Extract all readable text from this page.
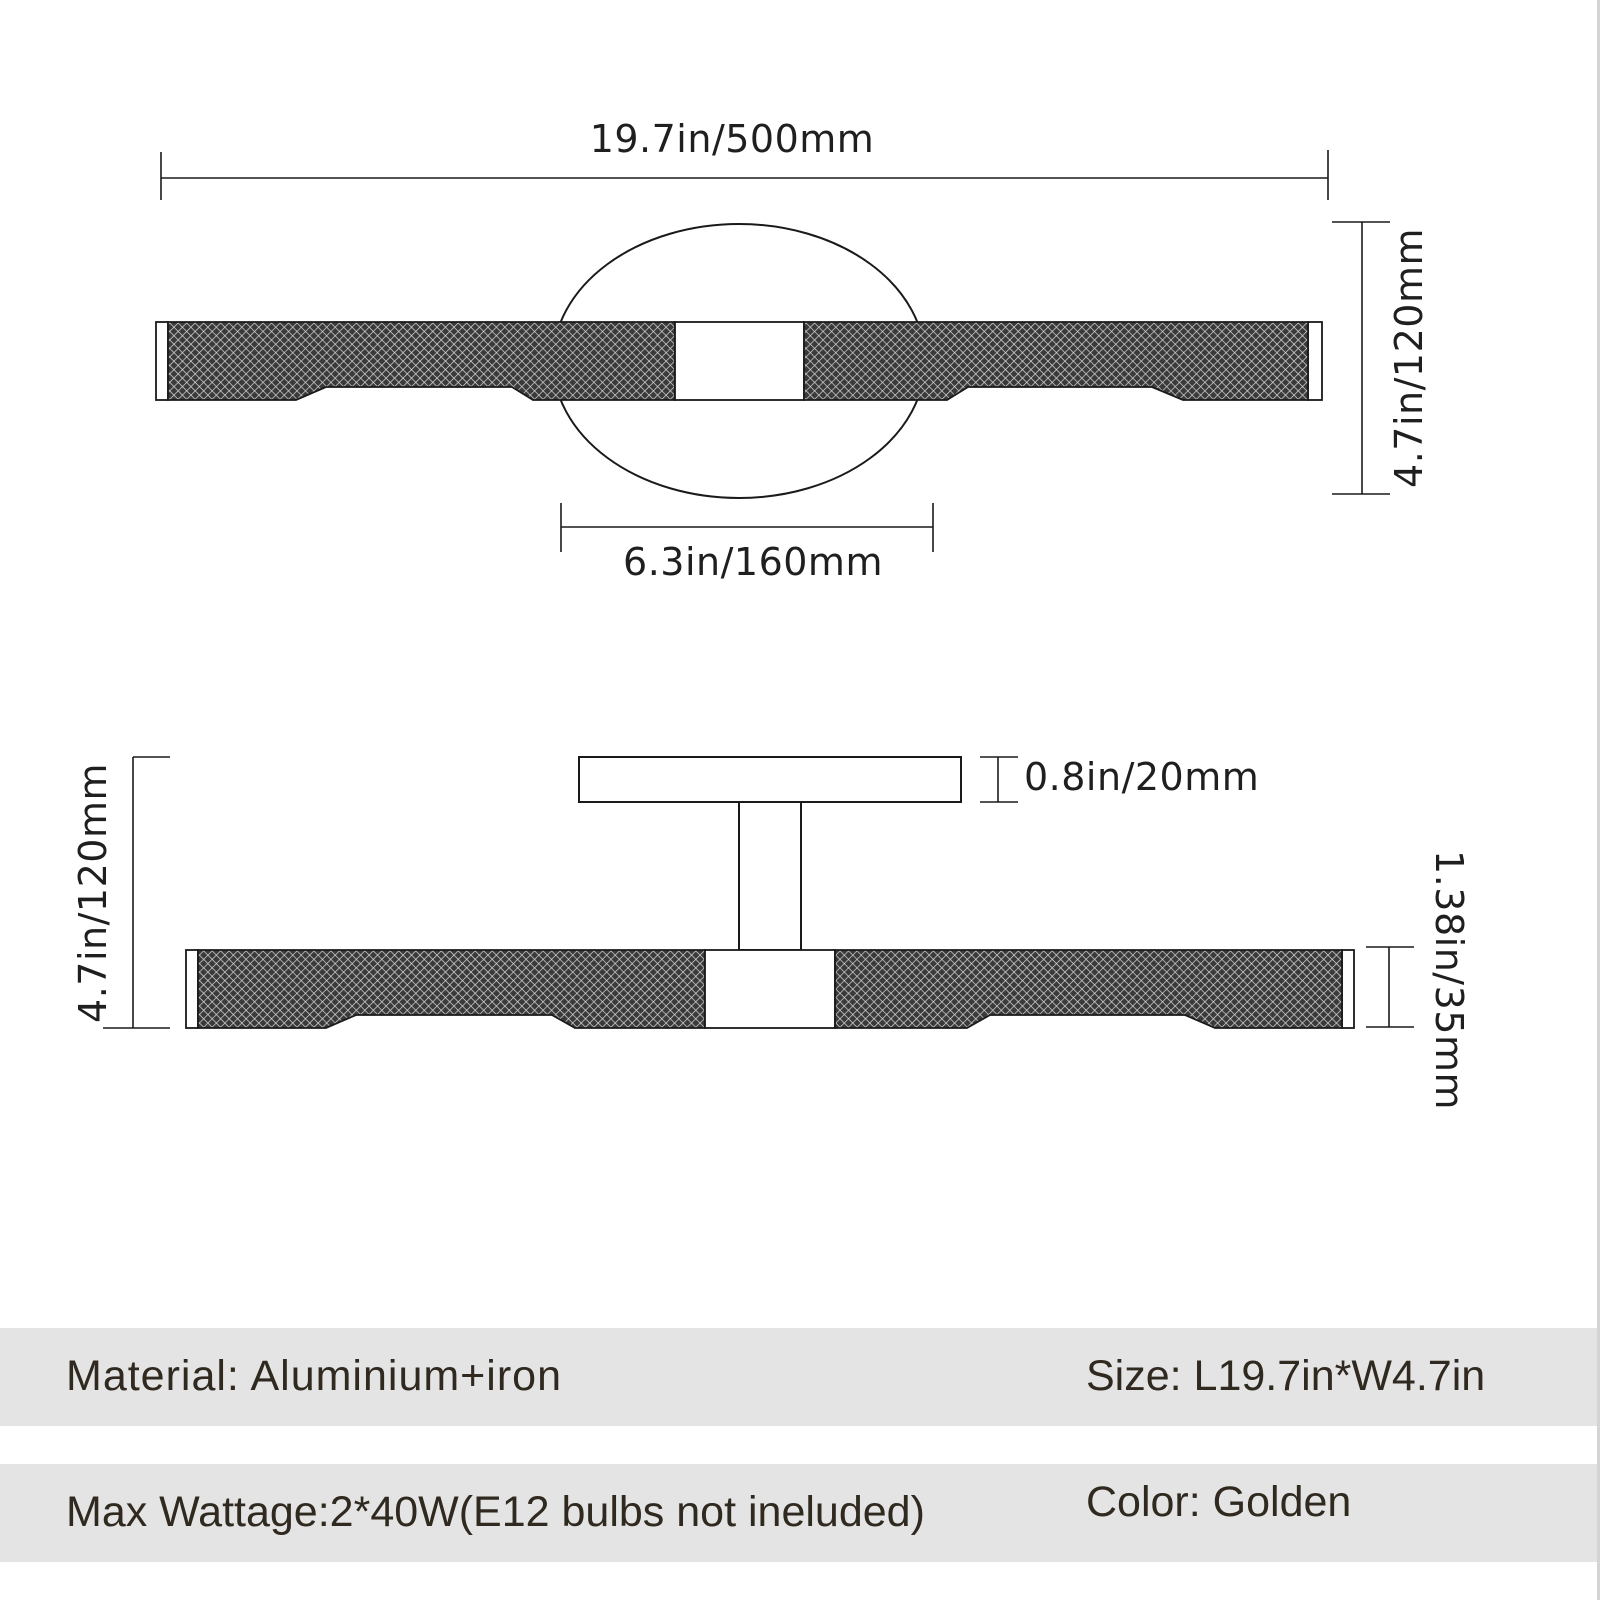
19.7in/500mm
4.7in/120mm
6.3in/160mm
4.7in/120mm	0.8in/20mm
1.38in/35mm
Material: Aluminium+iron	Size: L19.7in*W4.7in
Max Wattage:2*40W(E12 bulbs not ineluded)	Color: Golden
